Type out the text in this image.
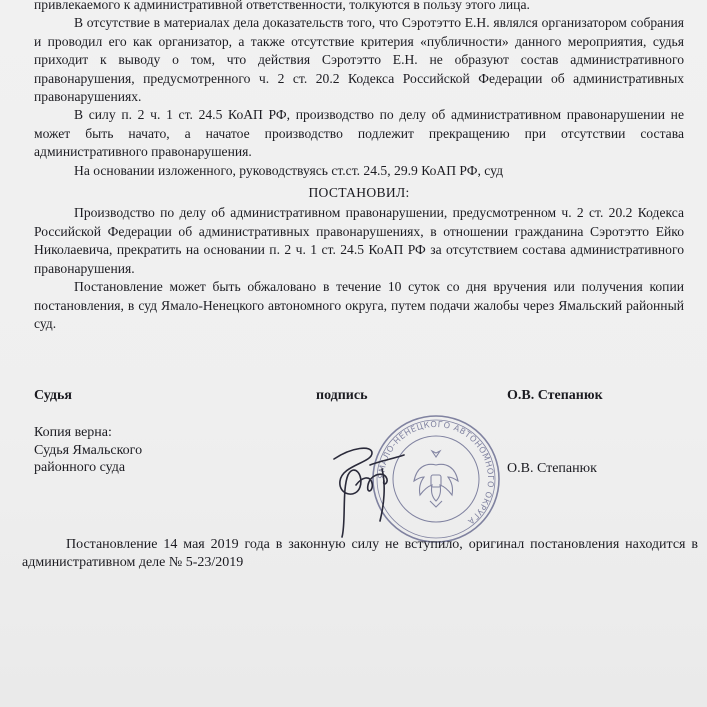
привлекаемого к административной ответственности, толкуются в пользу этого лица.

В отсутствие в материалах дела доказательств того, что Сэротэтто Е.Н. являлся организатором собрания и проводил его как организатор, а также отсутствие критерия «публичности» данного мероприятия, судья приходит к выводу о том, что действия Сэротэтто Е.Н. не образуют состав административного правонарушения, предусмотренного ч. 2 ст. 20.2 Кодекса Российской Федерации об административных правонарушениях.

В силу п. 2 ч. 1 ст. 24.5 КоАП РФ, производство по делу об административном правонарушении не может быть начато, а начатое производство подлежит прекращению при отсутствии состава административного правонарушения.

На основании изложенного, руководствуясь ст.ст. 24.5, 29.9 КоАП РФ, суд

ПОСТАНОВИЛ:

Производство по делу об административном правонарушении, предусмотренном ч. 2 ст. 20.2 Кодекса Российской Федерации об административных правонарушениях, в отношении гражданина Сэротэтто Ейко Николаевича, прекратить на основании п. 2 ч. 1 ст. 24.5 КоАП РФ за отсутствием состава административного правонарушения.

Постановление может быть обжаловано в течение 10 суток со дня вручения или получения копии постановления, в суд Ямало-Ненецкого автономного округа, путем подачи жалобы через Ямальский районный суд.

Судья	подпись	О.В. Степанюк
Копия верна:
Судья Ямальского
районного суда	О.В. Степанюк
ЯМАЛО-НЕНЕЦКОГО АВТОНОМНОГО ОКРУГА

Постановление 14 мая 2019 года в законную силу не вступило, оригинал постановления находится в административном деле № 5-23/2019
